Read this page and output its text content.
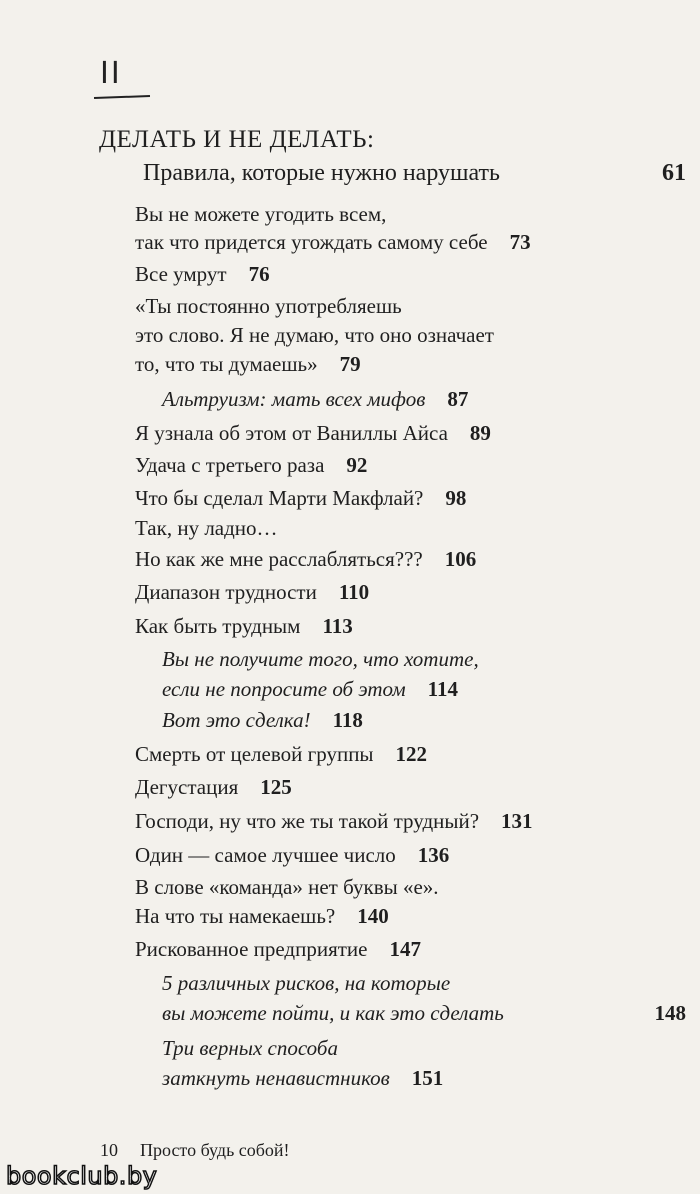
II
ДЕЛАТЬ И НЕ ДЕЛАТЬ:
Правила, которые нужно нарушать	61
Вы не можете угодить всем,
так что придется угождать самому себе 73
Все умрут 76
«Ты постоянно употребляешь
это слово. Я не думаю, что оно означает
то, что ты думаешь» 79
Альтруизм: мать всех мифов 87
Я узнала об этом от Ваниллы Айса 89
Удача с третьего раза 92
Что бы сделал Марти Макфлай? 98
Так, ну ладно…
Но как же мне расслабляться??? 106
Диапазон трудности 110
Как быть трудным 113
Вы не получите того, что хотите,
если не попросите об этом 114
Вот это сделка! 118
Смерть от целевой группы 122
Дегустация 125
Господи, ну что же ты такой трудный? 131
Один — самое лучшее число 136
В слове «команда» нет буквы «е».
На что ты намекаешь? 140
Рискованное предприятие 147
5 различных рисков, на которые
вы можете пойти, и как это сделать	148
Три верных способа
заткнуть ненавистников 151
10 Просто будь собой!
bookclub.by
